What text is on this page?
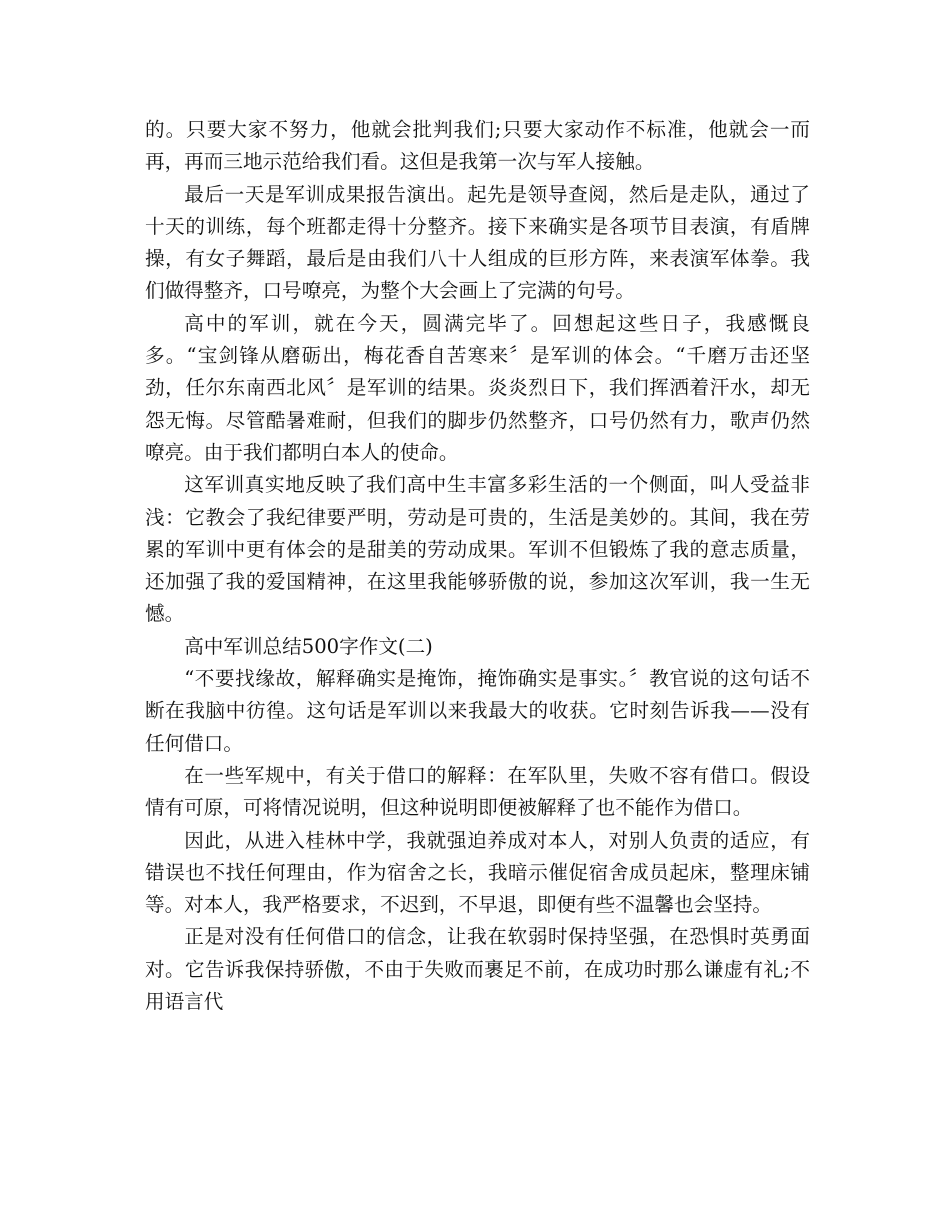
的。只要大家不努力，他就会批判我们;只要大家动作不标准，他就会一而再，再而三地示范给我们看。这但是我第一次与军人接触。

最后一天是军训成果报告演出。起先是领导查阅，然后是走队，通过了十天的训练，每个班都走得十分整齐。接下来确实是各项节目表演，有盾牌操，有女子舞蹈，最后是由我们八十人组成的巨形方阵，来表演军体拳。我们做得整齐，口号嘹亮，为整个大会画上了完满的句号。

高中的军训，就在今天，圆满完毕了。回想起这些日子，我感慨良多。“宝剑锋从磨砺出，梅花香自苦寒来〞是军训的体会。“千磨万击还坚劲，任尔东南西北风〞是军训的结果。炎炎烈日下，我们挥洒着汗水，却无怨无悔。尽管酷暑难耐，但我们的脚步仍然整齐，口号仍然有力，歌声仍然嘹亮。由于我们都明白本人的使命。

这军训真实地反映了我们高中生丰富多彩生活的一个侧面，叫人受益非浅：它教会了我纪律要严明，劳动是可贵的，生活是美妙的。其间，我在劳累的军训中更有体会的是甜美的劳动成果。军训不但锻炼了我的意志质量，还加强了我的爱国精神，在这里我能够骄傲的说，参加这次军训，我一生无憾。

高中军训总结500字作文(二)

“不要找缘故，解释确实是掩饰，掩饰确实是事实。〞教官说的这句话不断在我脑中彷徨。这句话是军训以来我最大的收获。它时刻告诉我——没有任何借口。

在一些军规中，有关于借口的解释：在军队里，失败不容有借口。假设情有可原，可将情况说明，但这种说明即便被解释了也不能作为借口。

因此，从进入桂林中学，我就强迫养成对本人，对别人负责的适应，有错误也不找任何理由，作为宿舍之长，我暗示催促宿舍成员起床，整理床铺等。对本人，我严格要求，不迟到，不早退，即便有些不温馨也会坚持。

正是对没有任何借口的信念，让我在软弱时保持坚强，在恐惧时英勇面对。它告诉我保持骄傲，不由于失败而裹足不前，在成功时那么谦虚有礼;不用语言代
